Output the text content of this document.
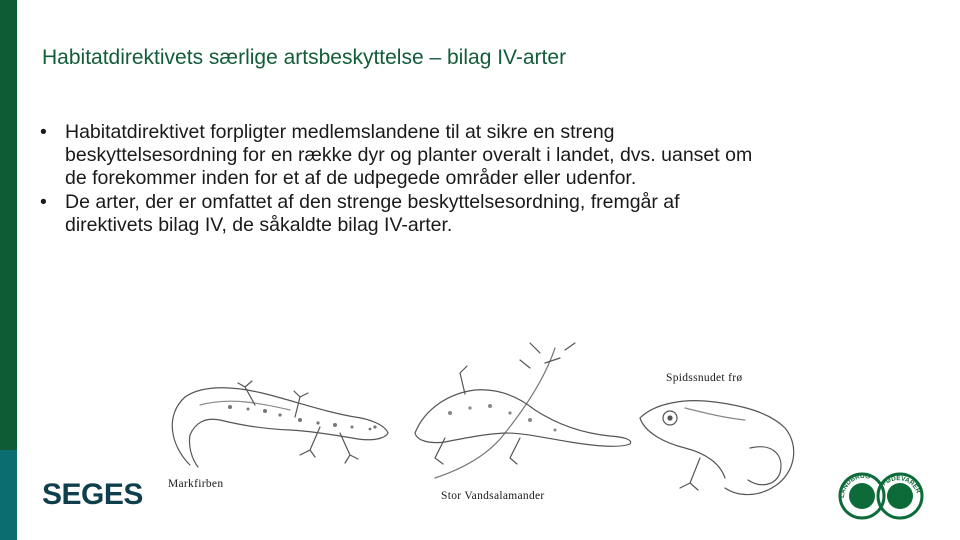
Habitatdirektivets særlige artsbeskyttelse – bilag IV-arter
• Habitatdirektivet forpligter medlemslandene til at sikre en streng beskyttelsesordning for en række dyr og planter overalt i landet, dvs. uanset om de forekommer inden for et af de udpegede områder eller udenfor.
• De arter, der er omfattet af den strenge beskyttelsesordning, fremgår af direktivets bilag IV, de såkaldte bilag IV-arter.
Markfirben
Stor Vandsalamander
Spidssnudet frø
SEGES	LANDBRUG
FØDEVARER
